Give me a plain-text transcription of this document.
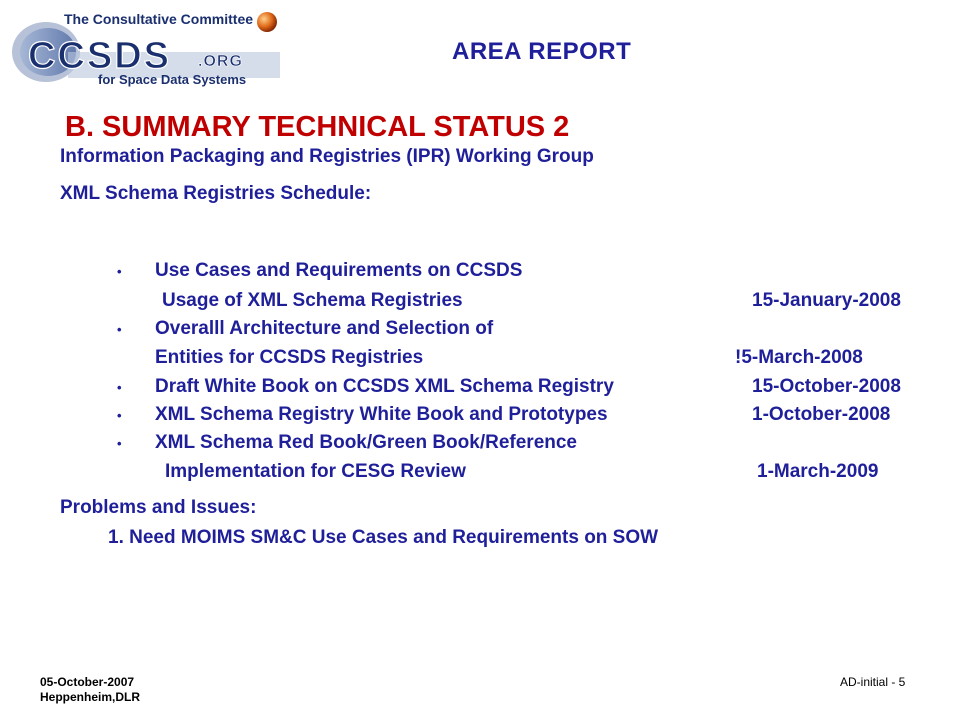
The Consultative Committee
CCSDS .ORG
for Space Data Systems
AREA REPORT
B. SUMMARY TECHNICAL STATUS 2
Information Packaging and Registries (IPR) Working Group
XML Schema Registries Schedule:
• Use Cases and Requirements on CCSDS
Usage of XML Schema Registries	15-January-2008
• Overalll Architecture and Selection of
Entities for CCSDS Registries	!5-March-2008
• Draft White Book on CCSDS XML Schema Registry	15-October-2008
• XML Schema Registry White Book and Prototypes	1-October-2008
• XML Schema Red Book/Green Book/Reference
Implementation for CESG Review	1-March-2009
Problems and Issues:
1. Need MOIMS SM&C Use Cases and Requirements on SOW
05-October-2007
Heppenheim,DLR
AD-initial - 5
